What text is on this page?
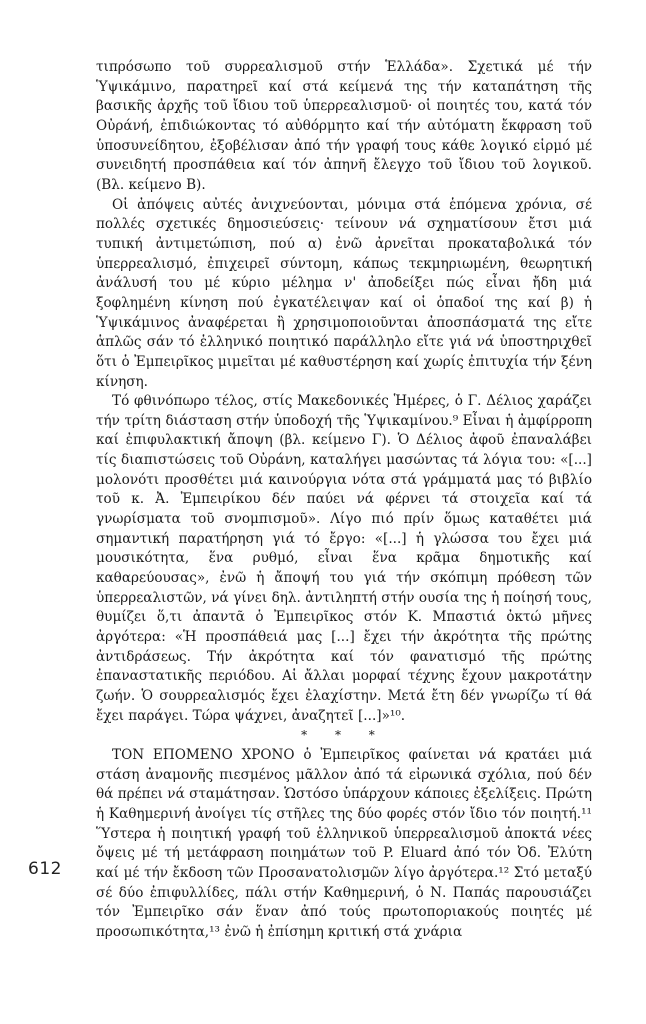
τιπρόσωπο τοῦ συρρεαλισμοῦ στήν Ἑλλάδα». Σχετικά μέ τήν Ὑψικάμινο, παρατηρεῖ καί στά κείμενά της τήν καταπάτηση τῆς βασικῆς ἀρχῆς τοῦ ἴδιου τοῦ ὑπερρεαλισμοῦ· οἱ ποιητές του, κατά τόν Οὐράνή, ἐπιδιώκοντας τό αὐθόρμητο καί τήν αὐτόματη ἔκφραση τοῦ ὑποσυνείδητου, ἐξοβέλισαν ἀπό τήν γραφή τους κάθε λογικό εἱρμό μέ συνειδητή προσπάθεια καί τόν ἀπηνῆ ἔλεγχο τοῦ ἴδιου τοῦ λογικοῦ. (Βλ. κείμενο Β).

Οἱ ἀπόψεις αὐτές ἀνιχνεύονται, μόνιμα στά ἑπόμενα χρόνια, σέ πολλές σχετικές δημοσιεύσεις· τείνουν νά σχηματίσουν ἔτσι μιά τυπική ἀντιμετώπιση, πού α) ἐνῶ ἀρνεῖται προκαταβολικά τόν ὑπερρεαλισμό, ἐπιχειρεῖ σύντομη, κάπως τεκμηριωμένη, θεωρητική ἀνάλυσή του μέ κύριο μέλημα ν' ἀποδείξει πώς εἶναι ἤδη μιά ξοφλημένη κίνηση πού ἐγκατέλειψαν καί οἱ ὁπαδοί της καί β) ἡ Ὑψικάμινος ἀναφέρεται ἢ χρησιμοποιοῦνται ἀποσπάσματά της εἴτε ἁπλῶς σάν τό ἑλληνικό ποιητικό παράλληλο εἴτε γιά νά ὑποστηριχθεῖ ὅτι ὁ Ἐμπειρῖκος μιμεῖται μέ καθυστέρηση καί χωρίς ἐπιτυχία τήν ξένη κίνηση.

Τό φθινόπωρο τέλος, στίς Μακεδονικές Ἡμέρες, ὁ Γ. Δέλιος χαράζει τήν τρίτη διάσταση στήν ὑποδοχή τῆς Ὑψικαμίνου.⁹ Εἶναι ἡ ἀμφίρροπη καί ἐπιφυλακτική ἄποψη (βλ. κείμενο Γ). Ὁ Δέλιος ἀφοῦ ἐπαναλάβει τίς διαπιστώσεις τοῦ Οὐράνη, καταλήγει μασώντας τά λόγια του: «[...] μολονότι προσθέτει μιά καινούργια νότα στά γράμματά μας τό βιβλίο τοῦ κ. Ἀ. Ἐμπειρίκου δέν παύει νά φέρνει τά στοιχεῖα καί τά γνωρίσματα τοῦ σνομπισμοῦ». Λίγο πιό πρίν ὅμως καταθέτει μιά σημαντική παρατήρηση γιά τό ἔργο: «[...] ἡ γλώσσα του ἔχει μιά μουσικότητα, ἕνα ρυθμό, εἶναι ἕνα κρᾶμα δημοτικῆς καί καθαρεύουσας», ἐνῶ ἡ ἄποψή του γιά τήν σκόπιμη πρόθεση τῶν ὑπερρεαλιστῶν, νά γίνει δηλ. ἀντιληπτή στήν ουσία της ἡ ποίησή τους, θυμίζει ὅ,τι ἀπαντᾶ ὁ Ἐμπειρῖκος στόν Κ. Μπαστιά ὀκτώ μῆνες ἀργότερα: «Ἡ προσπάθειά μας [...] ἔχει τήν ἀκρότητα τῆς πρώτης ἀντιδράσεως. Τήν ἀκρότητα καί τόν φανατισμό τῆς πρώτης ἐπαναστατικῆς περιόδου. Αἱ ἄλλαι μορφαί τέχνης ἔχουν μακροτάτην ζωήν. Ὁ σουρρεαλισμός ἔχει ἐλαχίστην. Μετά ἔτη δέν γνωρίζω τί θά ἔχει παράγει. Τώρα ψάχνει, ἀναζητεῖ [...]»¹⁰.

* * *

ΤΟΝ ΕΠΟΜΕΝΟ ΧΡΟΝΟ ὁ Ἐμπειρῖκος φαίνεται νά κρατάει μιά στάση ἀναμονῆς πιεσμένος μᾶλλον ἀπό τά εἰρωνικά σχόλια, πού δέν θά πρέπει νά σταμάτησαν. Ὡστόσο ὑπάρχουν κάποιες ἐξελίξεις. Πρώτη ἡ Καθημερινή ἀνοίγει τίς στῆλες της δύο φορές στόν ἴδιο τόν ποιητή.¹¹ Ὕστερα ἡ ποιητική γραφή τοῦ ἑλληνικοῦ ὑπερρεαλισμοῦ ἀποκτά νέες ὄψεις μέ τή μετάφραση ποιημάτων τοῦ P. Eluard ἀπό τόν Ὀδ. Ἐλύτη καί μέ τήν ἔκδοση τῶν Προσανατολισμῶν λίγο ἀργότερα.¹² Στό μεταξύ σέ δύο ἐπιφυλλίδες, πάλι στήν Καθημερινή, ὁ Ν. Παπάς παρουσιάζει τόν Ἐμπειρῖκο σάν ἕναν ἀπό τούς πρωτοποριακούς ποιητές μέ προσωπικότητα,¹³ ἐνῶ ἡ ἐπίσημη κριτική στά χνάρια

612
